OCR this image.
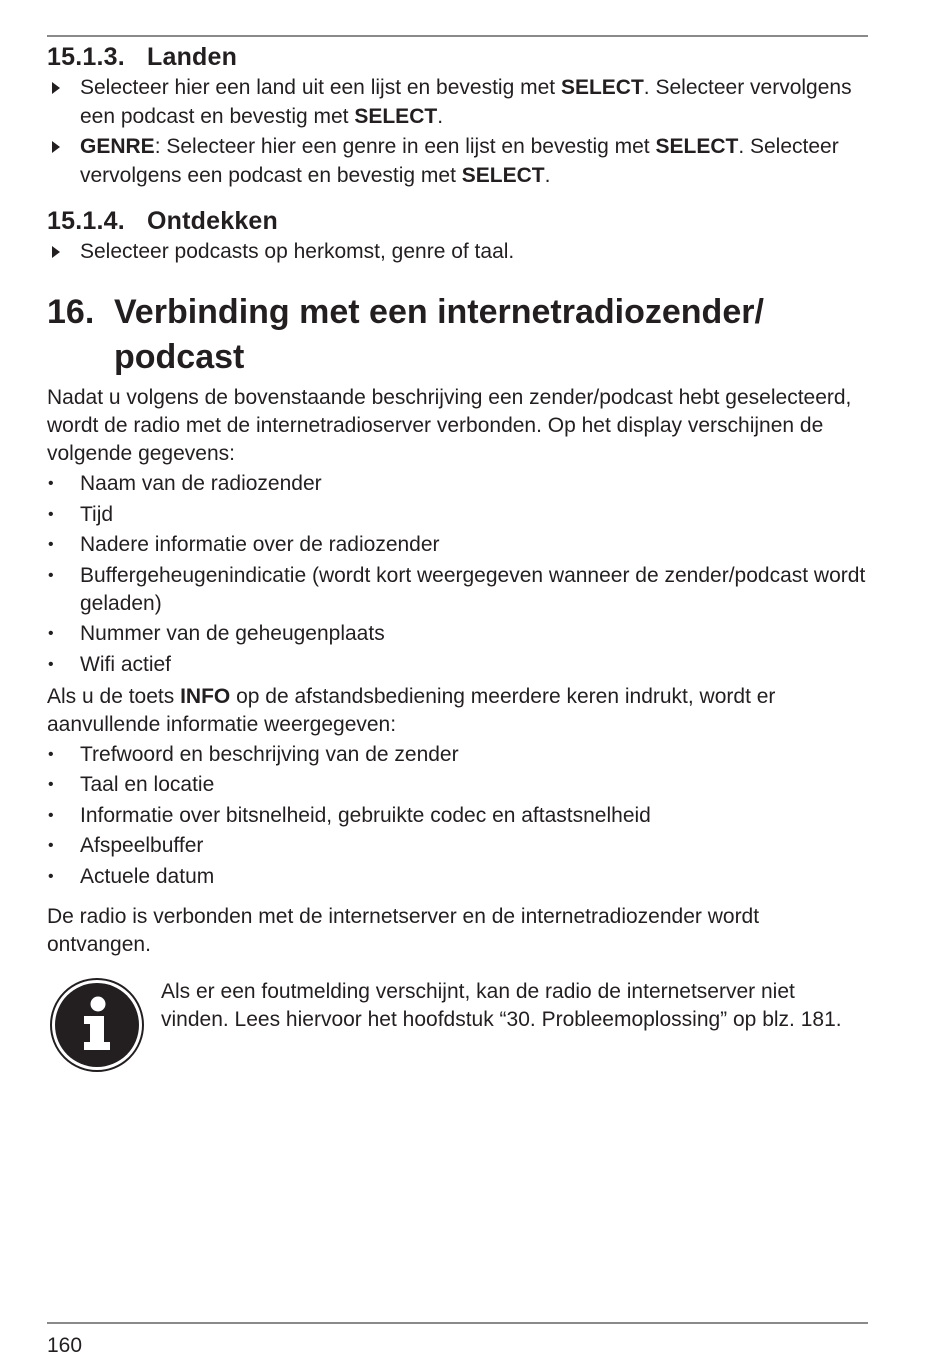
15.1.3. Landen
Selecteer hier een land uit een lijst en bevestig met SELECT. Selecteer vervolgens een podcast en bevestig met SELECT.
GENRE: Selecteer hier een genre in een lijst en bevestig met SELECT. Selecteer vervolgens een podcast en bevestig met SELECT.
15.1.4. Ontdekken
Selecteer podcasts op herkomst, genre of taal.
16. Verbinding met een internetradiozender/
podcast

Nadat u volgens de bovenstaande beschrijving een zender/podcast hebt geselecteerd, wordt de radio met de internetradioserver verbonden. Op het display verschijnen de volgende gegevens:

• Naam van de radiozender
• Tijd
• Nadere informatie over de radiozender
• Buffergeheugenindicatie (wordt kort weergegeven wanneer de zender/podcast wordt geladen)
• Nummer van de geheugenplaats
• Wifi actief

Als u de toets INFO op de afstandsbediening meerdere keren indrukt, wordt er aanvullende informatie weergegeven:

• Trefwoord en beschrijving van de zender
• Taal en locatie
• Informatie over bitsnelheid, gebruikte codec en aftastsnelheid
• Afspeelbuffer
• Actuele datum

De radio is verbonden met de internetserver en de internetradiozender wordt ontvangen.

Als er een foutmelding verschijnt, kan de radio de internetserver niet vinden. Lees hiervoor het hoofdstuk “30. Probleemoplossing” op blz. 181.
160
